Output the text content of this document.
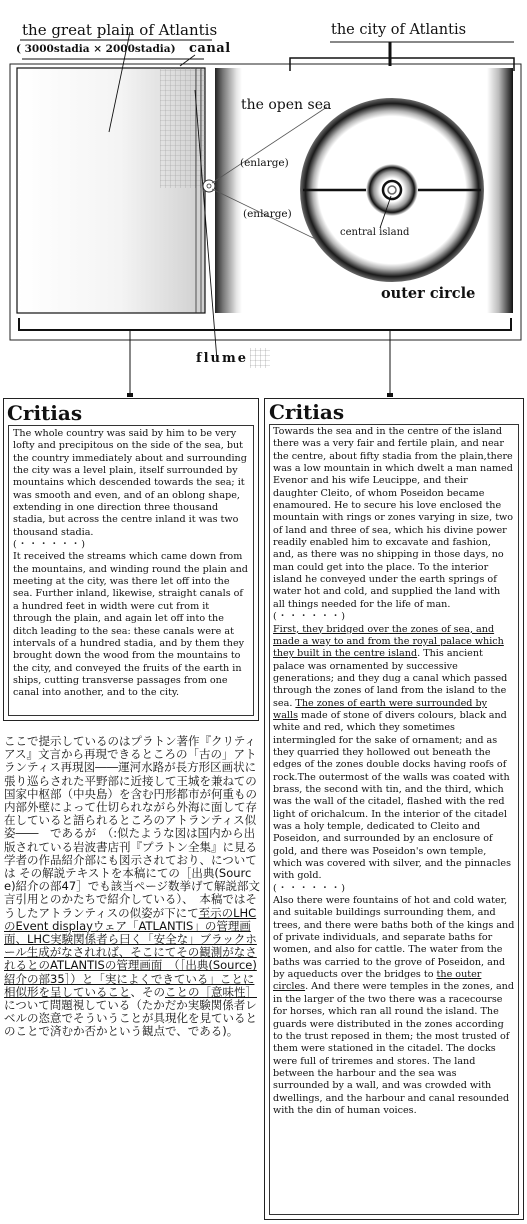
the great plain of Atlantis
( 3000stadia × 2000stadia) canal
the city of Atlantis
the open sea
(enlarge)
(enlarge)
central island
outer circle
flume
Critias

The whole country was said by him to be very lofty and precipitous on the side of the sea, but the country immediately about and surrounding the city was a level plain, itself surrounded by mountains which descended towards the sea; it was smooth and even, and of an oblong shape, extending in one direction three thousand stadia, but across the centre inland it was two thousand stadia.

(・・・・・・)

It received the streams which came down from the mountains, and winding round the plain and meeting at the city, was there let off into the sea. Further inland, likewise, straight canals of a hundred feet in width were cut from it through the plain, and again let off into the ditch leading to the sea: these canals were at intervals of a hundred stadia, and by them they brought down the wood from the mountains to the city, and conveyed the fruits of the earth in ships, cutting transverse passages from one canal into another, and to the city.

Critias

Towards the sea and in the centre of the island there was a very fair and fertile plain, and near the centre, about fifty stadia from the plain,there was a low mountain in which dwelt a man named Evenor and his wife Leucippe, and their daughter Cleito, of whom Poseidon became enamoured. He to secure his love enclosed the mountain with rings or zones varying in size, two of land and three of sea, which his divine power readily enabled him to excavate and fashion, and, as there was no shipping in those days, no man could get into the place. To the interior island he conveyed under the earth springs of water hot and cold, and supplied the land with all things needed for the life of man.

(・・・・・・)

First, they bridged over the zones of sea, and made a way to and from the royal palace which they built in the centre island. This ancient palace was ornamented by successive generations; and they dug a canal which passed through the zones of land from the island to the sea. The zones of earth were surrounded by walls made of stone of divers colours, black and white and red, which they sometimes intermingled for the sake of ornament; and as they quarried they hollowed out beneath the edges of the zones double docks having roofs of rock.The outermost of the walls was coated with brass, the second with tin, and the third, which was the wall of the citadel, flashed with the red light of orichalcum. In the interior of the citadel was a holy temple, dedicated to Cleito and Poseidon, and surrounded by an enclosure of gold, and there was Poseidon's own temple, which was covered with silver, and the pinnacles with gold.

(・・・・・・)

Also there were fountains of hot and cold water, and suitable buildings surrounding them, and trees, and there were baths both of the kings and of private individuals, and separate baths for women, and also for cattle. The water from the baths was carried to the grove of Poseidon, and by aqueducts over the bridges to the outer circles. And there were temples in the zones, and in the larger of the two there was a racecourse for horses, which ran all round the island. The guards were distributed in the zones according to the trust reposed in them; the most trusted of them were stationed in the citadel. The docks were full of triremes and stores. The land between the harbour and the sea was surrounded by a wall, and was crowded with dwellings, and the harbour and canal resounded with the din of human voices.

ここで提示しているのはプラトン著作『クリティアス』文言から再現できるところの「古の」アトランティス再現図――運河水路が長方形区画状に張り巡らされた平野部に近接して王城を兼ねての国家中枢部（中央島）を含む円形都市が何重もの内部外壁によって仕切られながら外海に面して存在していると語られるところのアトランティス似姿――　であるが　（:似たような図は国内から出版されている岩波書店刊『プラトン全集』に見る学者の作品紹介部にも図示されており、については その解説テキストを本稿にての［出典(Source)紹介の部47］でも該当ページ数挙げて解説部文言引用とのかたちで紹介している）、　本稿ではそうしたアトランティスの似姿が下にて至示のLHCのEvent displayウェア「ATLANTIS」の管理画面、LHC実験関係者ら曰く「安全な」ブラックホール生成がなされれば、そこにてその観測がなされるとのATLANTISの管理画面　（［出典(Source)紹介の部35］）と「実によくできている」ことに相似形を呈していること、そのことの［意味性］について問題視している（たかだか実験関係者レベルの恣意でそういうことが具現化を見ているとのことで済むか否かという観点で、である)。
